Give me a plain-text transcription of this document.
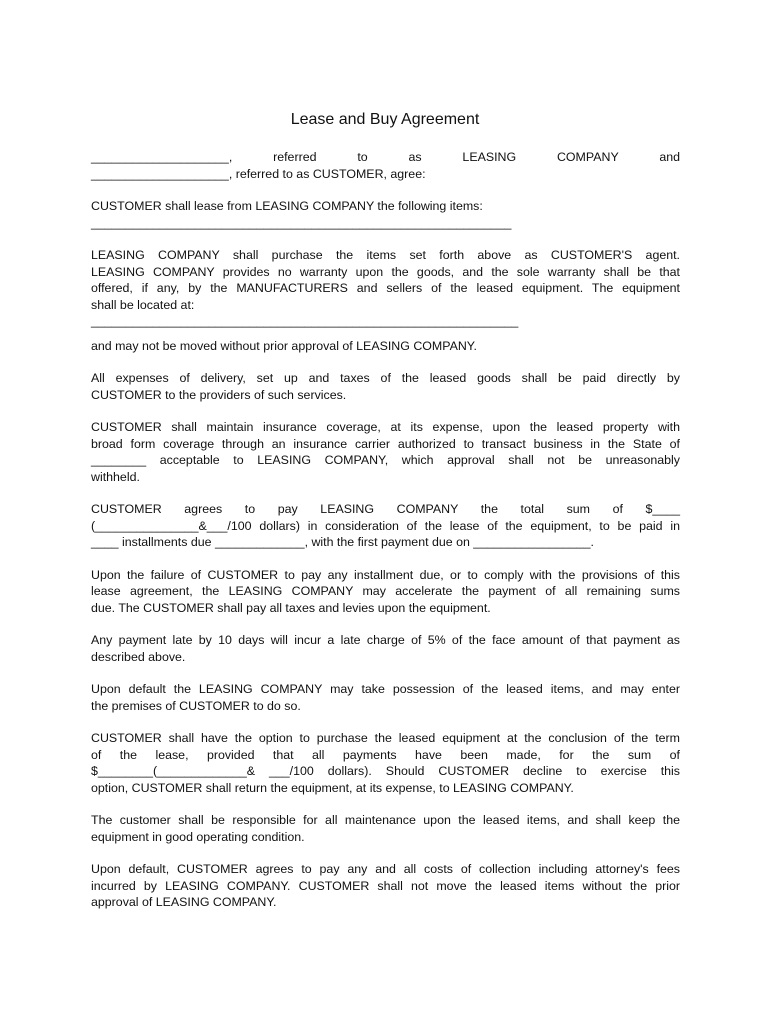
Lease and Buy Agreement
____________________, referred to as LEASING COMPANY and
____________________, referred to as CUSTOMER, agree:
CUSTOMER shall lease from LEASING COMPANY the following items:
_____________________________________________________________
LEASING COMPANY shall purchase the items set forth above as CUSTOMER'S agent.
LEASING COMPANY provides no warranty upon the goods, and the sole warranty shall be that
offered, if any, by the MANUFACTURERS and sellers of the leased equipment. The equipment
shall be located at:
______________________________________________________________
and may not be moved without prior approval of LEASING COMPANY.
All expenses of delivery, set up and taxes of the leased goods shall be paid directly by
CUSTOMER to the providers of such services.
CUSTOMER shall maintain insurance coverage, at its expense, upon the leased property with
broad form coverage through an insurance carrier authorized to transact business in the State of
________ acceptable to LEASING COMPANY, which approval shall not be unreasonably
withheld.
CUSTOMER agrees to pay LEASING COMPANY the total sum of $____
(_______________&___/100 dollars) in consideration of the lease of the equipment, to be paid in
____ installments due _____________, with the first payment due on _________________.
Upon the failure of CUSTOMER to pay any installment due, or to comply with the provisions of this
lease agreement, the LEASING COMPANY may accelerate the payment of all remaining sums
due. The CUSTOMER shall pay all taxes and levies upon the equipment.
Any payment late by 10 days will incur a late charge of 5% of the face amount of that payment as
described above.
Upon default the LEASING COMPANY may take possession of the leased items, and may enter
the premises of CUSTOMER to do so.
CUSTOMER shall have the option to purchase the leased equipment at the conclusion of the term
of the lease, provided that all payments have been made, for the sum of
$________(_____________& ___/100 dollars). Should CUSTOMER decline to exercise this
option, CUSTOMER shall return the equipment, at its expense, to LEASING COMPANY.
The customer shall be responsible for all maintenance upon the leased items, and shall keep the
equipment in good operating condition.
Upon default, CUSTOMER agrees to pay any and all costs of collection including attorney's fees
incurred by LEASING COMPANY. CUSTOMER shall not move the leased items without the prior
approval of LEASING COMPANY.
